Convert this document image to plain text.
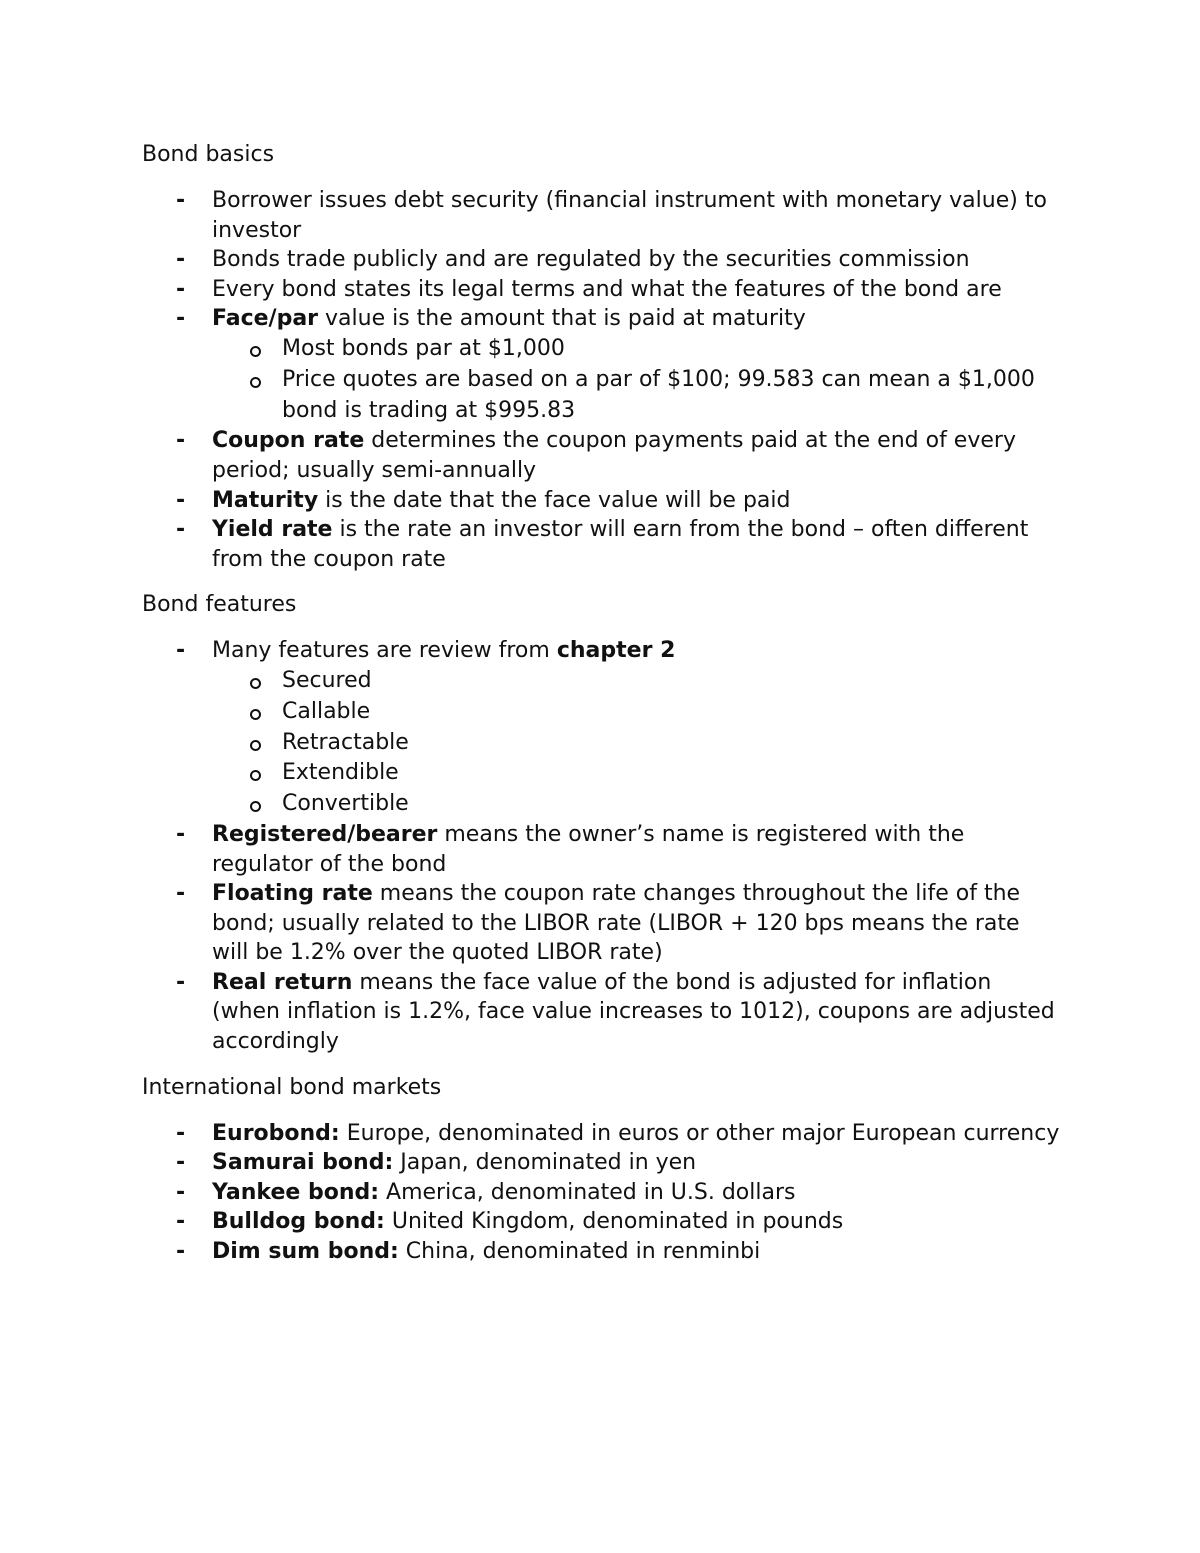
Bond basics
- Borrower issues debt security (financial instrument with monetary value) to investor
- Bonds trade publicly and are regulated by the securities commission
- Every bond states its legal terms and what the features of the bond are
- Face/par value is the amount that is paid at maturity
Most bonds par at $1,000
Price quotes are based on a par of $100; 99.583 can mean a $1,000 bond is trading at $995.83
- Coupon rate determines the coupon payments paid at the end of every period; usually semi-annually
- Maturity is the date that the face value will be paid
- Yield rate is the rate an investor will earn from the bond – often different from the coupon rate
Bond features
- Many features are review from chapter 2
Secured
Callable
Retractable
Extendible
Convertible
- Registered/bearer means the owner’s name is registered with the regulator of the bond
- Floating rate means the coupon rate changes throughout the life of the bond; usually related to the LIBOR rate (LIBOR + 120 bps means the rate will be 1.2% over the quoted LIBOR rate)
- Real return means the face value of the bond is adjusted for inflation (when inflation is 1.2%, face value increases to 1012), coupons are adjusted accordingly
International bond markets
- Eurobond: Europe, denominated in euros or other major European currency
- Samurai bond: Japan, denominated in yen
- Yankee bond: America, denominated in U.S. dollars
- Bulldog bond: United Kingdom, denominated in pounds
- Dim sum bond: China, denominated in renminbi
